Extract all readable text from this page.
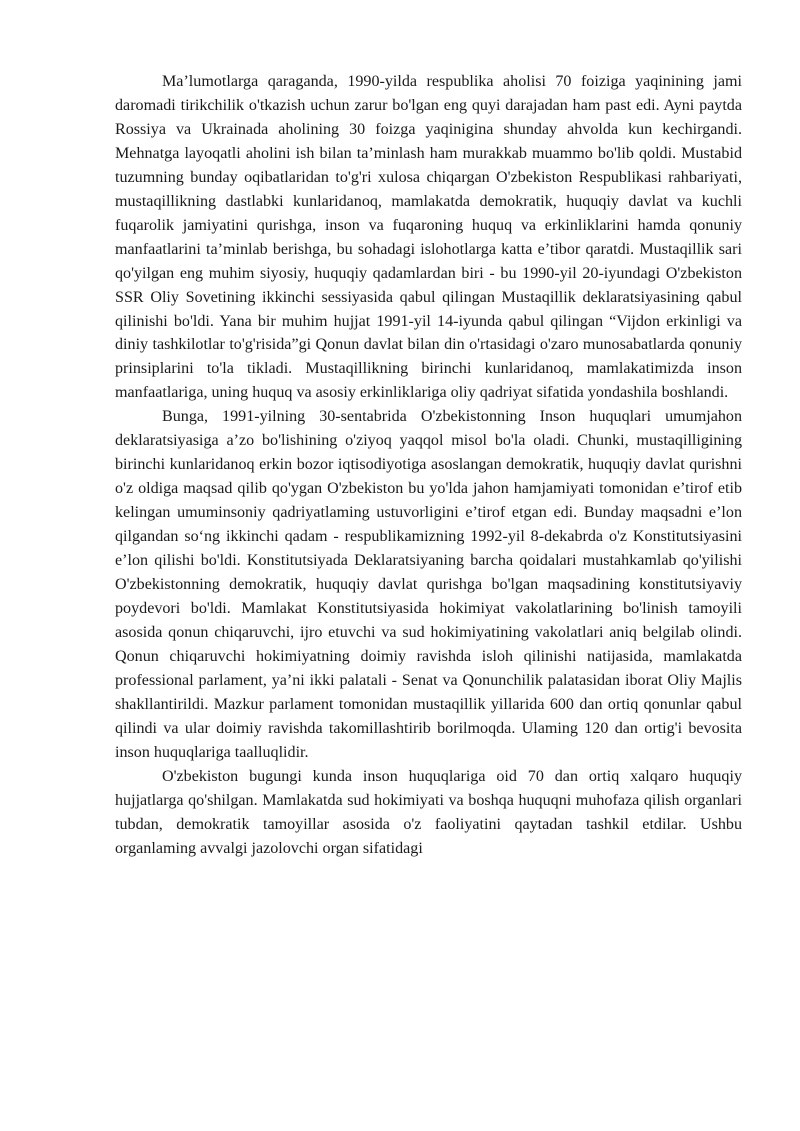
Ma’lumotlarga qaraganda, 1990-yilda respublika aholisi 70 foiziga yaqinining jami daromadi tirikchilik o'tkazish uchun zarur bo'lgan eng quyi darajadan ham past edi. Ayni paytda Rossiya va Ukrainada aholining 30 foizga yaqinigina shunday ahvolda kun kechirgandi. Mehnatga layoqatli aholini ish bilan ta’minlash ham murakkab muammo bo'lib qoldi. Mustabid tuzumning bunday oqibatlaridan to'g'ri xulosa chiqargan O'zbekiston Respublikasi rahbariyati, mustaqillikning dastlabki kunlaridanoq, mamlakatda demokratik, huquqiy davlat va kuchli fuqarolik jamiyatini qurishga, inson va fuqaroning huquq va erkinliklarini hamda qonuniy manfaatlarini ta’minlab berishga, bu sohadagi islohotlarga katta e’tibor qaratdi. Mustaqillik sari qo'yilgan eng muhim siyosiy, huquqiy qadamlardan biri - bu 1990-yil 20-iyundagi O'zbekiston SSR Oliy Sovetining ikkinchi sessiyasida qabul qilingan Mustaqillik deklaratsiyasining qabul qilinishi bo'ldi. Yana bir muhim hujjat 1991-yil 14-iyunda qabul qilingan “Vijdon erkinligi va diniy tashkilotlar to'g'risida”gi Qonun davlat bilan din o'rtasidagi o'zaro munosabatlarda qonuniy prinsiplarini to'la tikladi. Mustaqillikning birinchi kunlaridanoq, mamlakatimizda inson manfaatlariga, uning huquq va asosiy erkinliklariga oliy qadriyat sifatida yondashila boshlandi.

Bunga, 1991-yilning 30-sentabrida O'zbekistonning Inson huquqlari umumjahon deklaratsiyasiga a’zo bo'lishining o'ziyoq yaqqol misol bo'la oladi. Chunki, mustaqilligining birinchi kunlaridanoq erkin bozor iqtisodiyotiga asoslangan demokratik, huquqiy davlat qurishni o'z oldiga maqsad qilib qo'ygan O'zbekiston bu yo'lda jahon hamjamiyati tomonidan e’tirof etib kelingan umuminsoniy qadriyatlaming ustuvorligini e’tirof etgan edi. Bunday maqsadni e’lon qilgandan so‘ng ikkinchi qadam - respublikamizning 1992-yil 8-dekabrda o'z Konstitutsiyasini e’lon qilishi bo'ldi. Konstitutsiyada Deklaratsiyaning barcha qoidalari mustahkamlab qo'yilishi O'zbekistonning demokratik, huquqiy davlat qurishga bo'lgan maqsadining konstitutsiyaviy poydevori bo'ldi. Mamlakat Konstitutsiyasida hokimiyat vakolatlarining bo'linish tamoyili asosida qonun chiqaruvchi, ijro etuvchi va sud hokimiyatining vakolatlari aniq belgilab olindi. Qonun chiqaruvchi hokimiyatning doimiy ravishda isloh qilinishi natijasida, mamlakatda professional parlament, ya’ni ikki palatali - Senat va Qonunchilik palatasidan iborat Oliy Majlis shakllantirildi. Mazkur parlament tomonidan mustaqillik yillarida 600 dan ortiq qonunlar qabul qilindi va ular doimiy ravishda takomillashtirib borilmoqda. Ulaming 120 dan ortig'i bevosita inson huquqlariga taalluqlidir.

O'zbekiston bugungi kunda inson huquqlariga oid 70 dan ortiq xalqaro huquqiy hujjatlarga qo'shilgan. Mamlakatda sud hokimiyati va boshqa huquqni muhofaza qilish organlari tubdan, demokratik tamoyillar asosida o'z faoliyatini qaytadan tashkil etdilar. Ushbu organlaming avvalgi jazolovchi organ sifatidagi
